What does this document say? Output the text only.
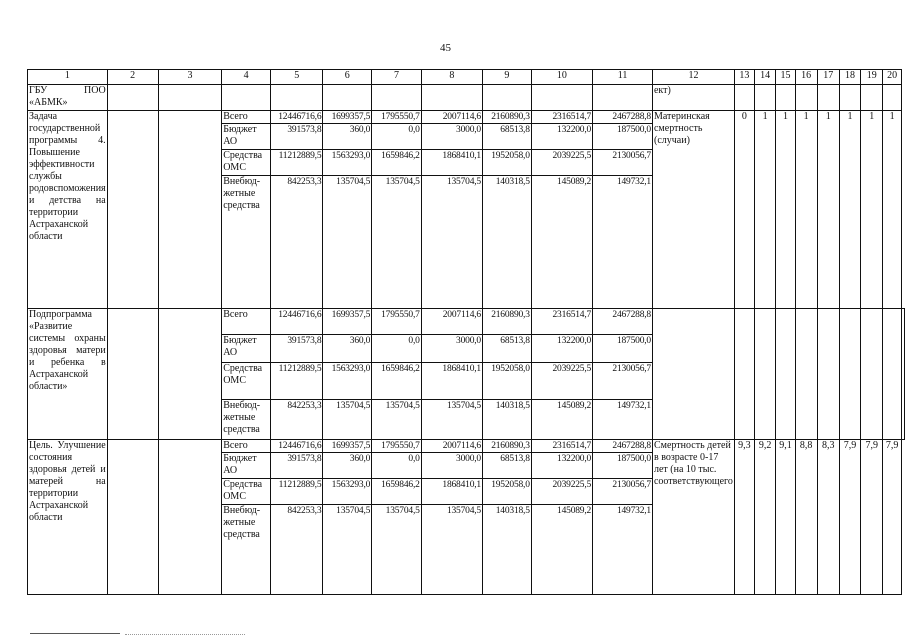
45
1	2	3	4	5	6	7	8	9	10	11	12	13	14	15	16	17	18	19	20	
ГБУ ПОО «АБМК»											ект)									
Задача государственной программы 4. Повышение эффективности службы родовспоможения и детства на территории Астраханской области			Всего	12446716,6	1699357,5	1795550,7	2007114,6	2160890,3	2316514,7	2467288,8	Материнская смертность (случаи)	0	1	1	1	1	1	1	1	
			Бюджет АО	391573,8	360,0	0,0	3000,0	68513,8	132200,0	187500,0										
			Средства ОМС	11212889,5	1563293,0	1659846,2	1868410,1	1952058,0	2039225,5	2130056,7										
			Внебюд-жетные средства	842253,3	135704,5	135704,5	135704,5	140318,5	145089,2	149732,1										
Подпрограмма «Развитие системы охраны здоровья матери и ребенка в Астраханской области»			Всего	12446716,6	1699357,5	1795550,7	2007114,6	2160890,3	2316514,7	2467288,8										
			Бюджет АО	391573,8	360,0	0,0	3000,0	68513,8	132200,0	187500,0										
			Средства ОМС	11212889,5	1563293,0	1659846,2	1868410,1	1952058,0	2039225,5	2130056,7										
			Внебюд-жетные средства	842253,3	135704,5	135704,5	135704,5	140318,5	145089,2	149732,1										
Цель. Улучшение состояния здоровья детей и матерей на территории Астраханской области			Всего	12446716,6	1699357,5	1795550,7	2007114,6	2160890,3	2316514,7	2467288,8	Смертность детей в возрасте 0-17 лет (на 10 тыс. соответствующего	9,3	9,2	9,1	8,8	8,3	7,9	7,9	7,9	
			Бюджет АО	391573,8	360,0	0,0	3000,0	68513,8	132200,0	187500,0										
			Средства ОМС	11212889,5	1563293,0	1659846,2	1868410,1	1952058,0	2039225,5	2130056,7										
			Внебюд-жетные средства	842253,3	135704,5	135704,5	135704,5	140318,5	145089,2	149732,1										
